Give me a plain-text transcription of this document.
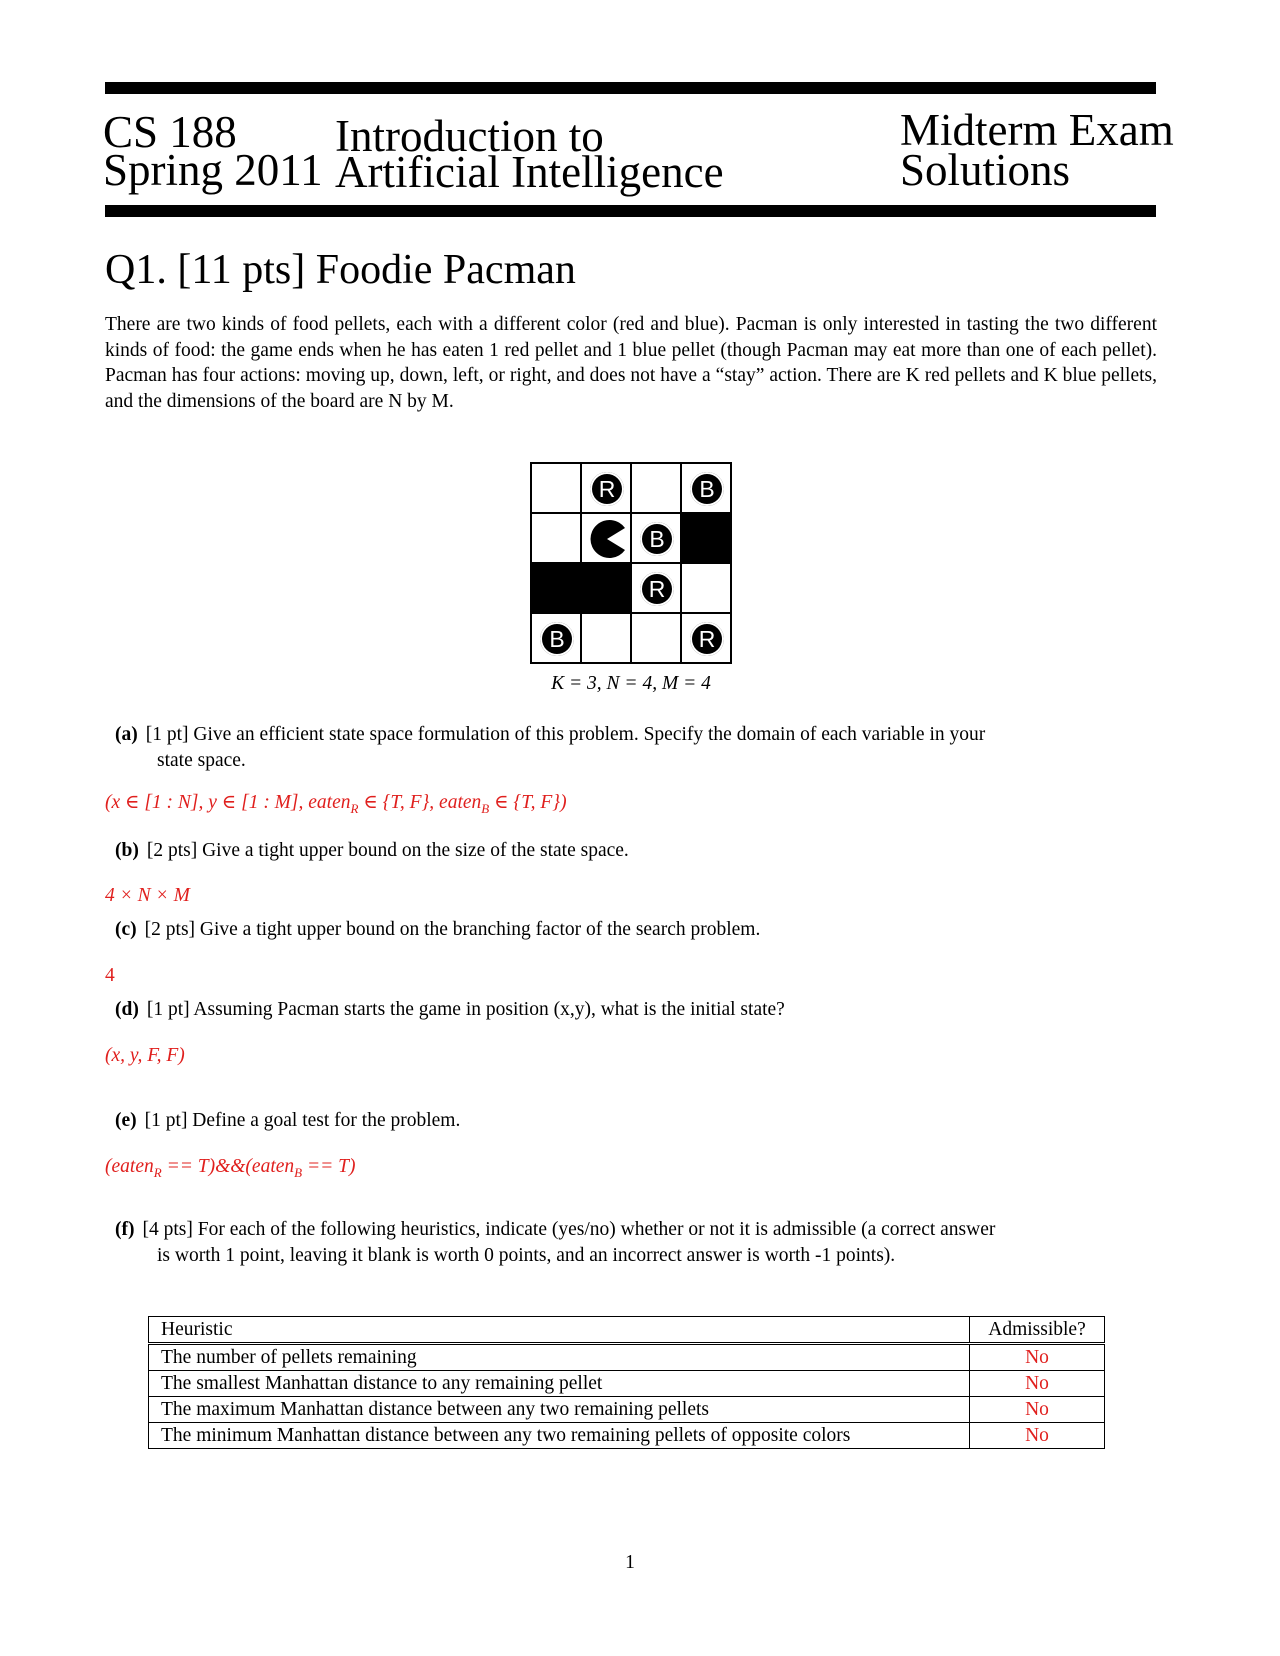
CS 188
Spring 2011
Introduction to
Artificial Intelligence
Midterm Exam
Solutions
Q1. [11 pts] Foodie Pacman
There are two kinds of food pellets, each with a different color (red and blue). Pacman is only interested in tasting the two different kinds of food: the game ends when he has eaten 1 red pellet and 1 blue pellet (though Pacman may eat more than one of each pellet). Pacman has four actions: moving up, down, left, or right, and does not have a “stay” action. There are K red pellets and K blue pellets, and the dimensions of the board are N by M.
R	B
B
R
B	R
K = 3, N = 4, M = 4
(a) [1 pt] Give an efficient state space formulation of this problem. Specify the domain of each variable in your
state space.
(x ∈ [1 : N], y ∈ [1 : M], eaten$_R$ ∈ {T, F}, eaten$_B$ ∈ {T, F})
(b) [2 pts] Give a tight upper bound on the size of the state space.
4 × N × M
(c) [2 pts] Give a tight upper bound on the branching factor of the search problem.
4
(d) [1 pt] Assuming Pacman starts the game in position (x,y), what is the initial state?
(x, y, F, F)
(e) [1 pt] Define a goal test for the problem.
(eaten$_R$ == T)&&(eaten$_B$ == T)
(f) [4 pts] For each of the following heuristics, indicate (yes/no) whether or not it is admissible (a correct answer
is worth 1 point, leaving it blank is worth 0 points, and an incorrect answer is worth -1 points).
Heuristic	Admissible?
The number of pellets remaining	No
The smallest Manhattan distance to any remaining pellet	No
The maximum Manhattan distance between any two remaining pellets	No
The minimum Manhattan distance between any two remaining pellets of opposite colors	No
1
